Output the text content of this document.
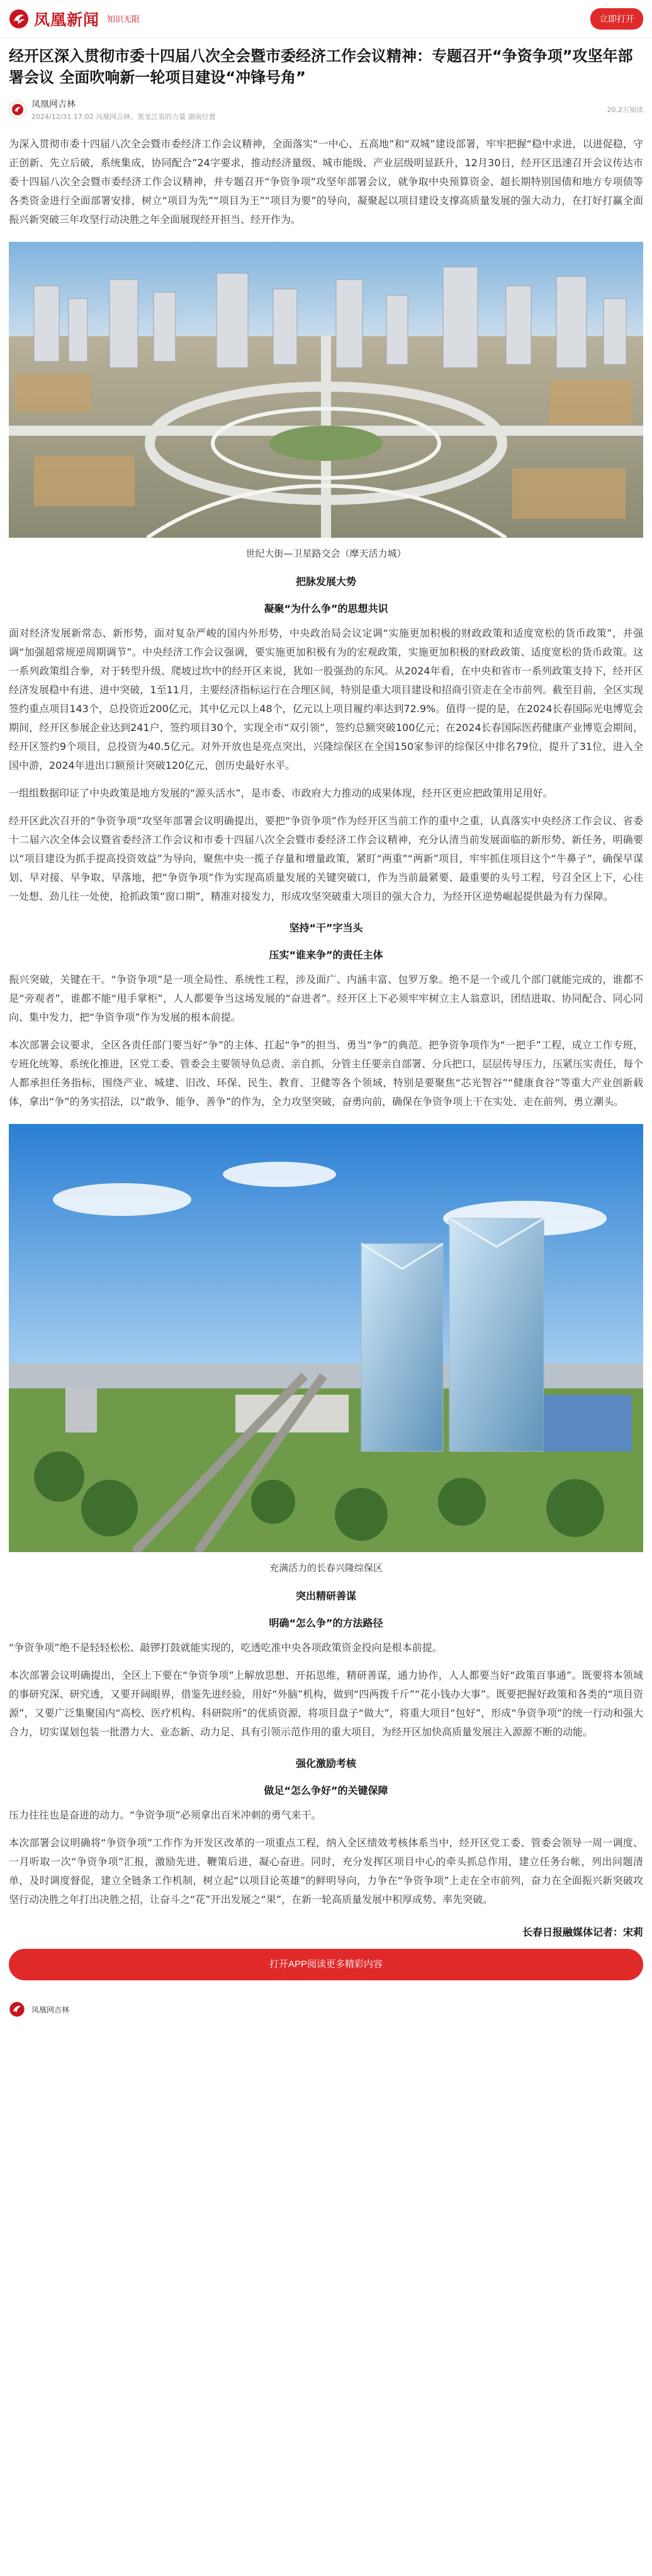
凤凰新闻 知识无限	立即打开
经开区深入贯彻市委十四届八次全会暨市委经济工作会议精神：专题召开“争资争项”攻坚年部署会议 全面吹响新一轮项目建设“冲锋号角”
凤凰网吉林
2024/12/31 17:02 凤凰网吉林、黑龙江省的力量 湖南位置
20.2万阅读

为深入贯彻市委十四届八次全会暨市委经济工作会议精神，全面落实“一中心、五高地”和“双城”建设部署，牢牢把握“稳中求进，以进促稳，守正创新、先立后破，系统集成，协同配合”24字要求，推动经济量级、城市能级、产业层级明显跃升，12月30日，经开区迅速召开会议传达市委十四届八次全会暨市委经济工作会议精神，并专题召开“争资争项”攻坚年部署会议，就争取中央预算资金、超长期特别国债和地方专项债等各类资金进行全面部署安排，树立“项目为先”“项目为王”“项目为要”的导向，凝聚起以项目建设支撑高质量发展的强大动力，在打好打赢全面振兴新突破三年攻坚行动决胜之年全面展现经开担当、经开作为。

世纪大街—卫星路交会（摩天活力城）
把脉发展大势
凝聚“为什么争”的思想共识

面对经济发展新常态、新形势，面对复杂严峻的国内外形势，中央政治局会议定调“实施更加积极的财政政策和适度宽松的货币政策”，并强调“加强超常规逆周期调节”。中央经济工作会议强调，要实施更加积极有为的宏观政策，实施更加积极的财政政策、适度宽松的货币政策。这一系列政策组合拳，对于转型升级、爬坡过坎中的经开区来说，犹如一股强劲的东风。从2024年看，在中央和省市一系列政策支持下，经开区经济发展稳中有进、进中突破，1至11月，主要经济指标运行在合理区间，特别是重大项目建设和招商引资走在全市前列。截至目前，全区实现签约重点项目143个，总投资近200亿元，其中亿元以上48个，亿元以上项目履约率达到72.9%。值得一提的是，在2024长春国际光电博览会期间，经开区参展企业达到241户，签约项目30个，实现全市“双引领”，签约总额突破100亿元；在2024长春国际医药健康产业博览会期间，经开区签约9个项目，总投资为40.5亿元。对外开放也是亮点突出，兴隆综保区在全国150家参评的综保区中排名79位，提升了31位，进入全国中游，2024年进出口额预计突破120亿元，创历史最好水平。

一组组数据印证了中央政策是地方发展的“源头活水”，是市委、市政府大力推动的成果体现，经开区更应把政策用足用好。

经开区此次召开的“争资争项”攻坚年部署会议明确提出，要把“争资争项”作为经开区当前工作的重中之重，认真落实中央经济工作会议、省委十二届六次全体会议暨省委经济工作会议和市委十四届八次全会暨市委经济工作会议精神，充分认清当前发展面临的新形势、新任务，明确要以“项目建设为抓手提高投资效益”为导向，聚焦中央一揽子存量和增量政策，紧盯“两重”“两新”项目，牢牢抓住项目这个“牛鼻子”，确保早谋划、早对接、早争取、早落地，把“争资争项”作为实现高质量发展的关键突破口，作为当前最紧要、最重要的头号工程，号召全区上下，心往一处想、劲儿往一处使，抢抓政策“窗口期”，精准对接发力，形成攻坚突破重大项目的强大合力，为经开区逆势崛起提供最为有力保障。

坚持“干”字当头
压实“谁来争”的责任主体

振兴突破，关键在干。“争资争项”是一项全局性、系统性工程，涉及面广、内涵丰富、包罗万象。绝不是一个或几个部门就能完成的，谁都不是“旁观者”，谁都不能“甩手掌柜”，人人都要争当这场发展的“奋进者”。经开区上下必须牢牢树立主人翁意识，团结进取、协同配合、同心同向、集中发力，把“争资争项”作为发展的根本前提。

本次部署会议要求，全区各责任部门要当好“争”的主体、扛起“争”的担当、勇当“争”的典范。把争资争项作为“一把手”工程，成立工作专班，专班化统筹、系统化推进，区党工委、管委会主要领导负总责、亲自抓，分管主任要亲自部署、分兵把口，层层传导压力，压紧压实责任，每个人都承担任务指标，围绕产业、城建、旧改、环保、民生、教育、卫健等各个领域，特别是要聚焦“芯光智谷”“健康食谷”等重大产业创新载体，拿出“争”的务实招法，以“敢争、能争、善争”的作为，全力攻坚突破，奋勇向前，确保在争资争项上干在实处、走在前列、勇立潮头。

充满活力的长春兴隆综保区
突出精研善谋
明确“怎么争”的方法路径

“争资争项”绝不是轻轻松松、敲锣打鼓就能实现的，吃透吃准中央各项政策资金投向是根本前提。

本次部署会议明确提出，全区上下要在“争资争项”上解放思想、开拓思维，精研善谋，通力协作，人人都要当好“政策百事通”。既要将本领域的事研究深、研究透，又要开阔眼界，借鉴先进经验，用好“外脑”机构，做到“四两拨千斤”“花小钱办大事”。既要把握好政策和各类的“项目资源”，又要广泛集聚国内“高校、医疗机构、科研院所”的优质资源，将项目盘子“做大”，将重大项目“包好”，形成“争资争项”的统一行动和强大合力，切实谋划包装一批潜力大、业态新、动力足、具有引领示范作用的重大项目，为经开区加快高质量发展注入源源不断的动能。

强化激励考核
做足“怎么争好”的关键保障

压力往往也是奋进的动力。“争资争项”必须拿出百米冲刺的勇气来干。

本次部署会议明确将“争资争项”工作作为开发区改革的一项重点工程，纳入全区绩效考核体系当中，经开区党工委、管委会领导一周一调度、一月听取一次“争资争项”汇报，激励先进、鞭策后进，凝心奋进。同时，充分发挥区项目中心的牵头抓总作用，建立任务台帐，列出问题清单，及时调度督促，建立全链条工作机制，树立起“以项目论英雄”的鲜明导向，力争在“争资争项”上走在全市前列，奋力在全面振兴新突破攻坚行动决胜之年打出决胜之招，让奋斗之“花”开出发展之“果”，在新一轮高质量发展中积厚成势、率先突破。

长春日报融媒体记者：宋莉
打开APP阅读更多精彩内容
凤凰网吉林
